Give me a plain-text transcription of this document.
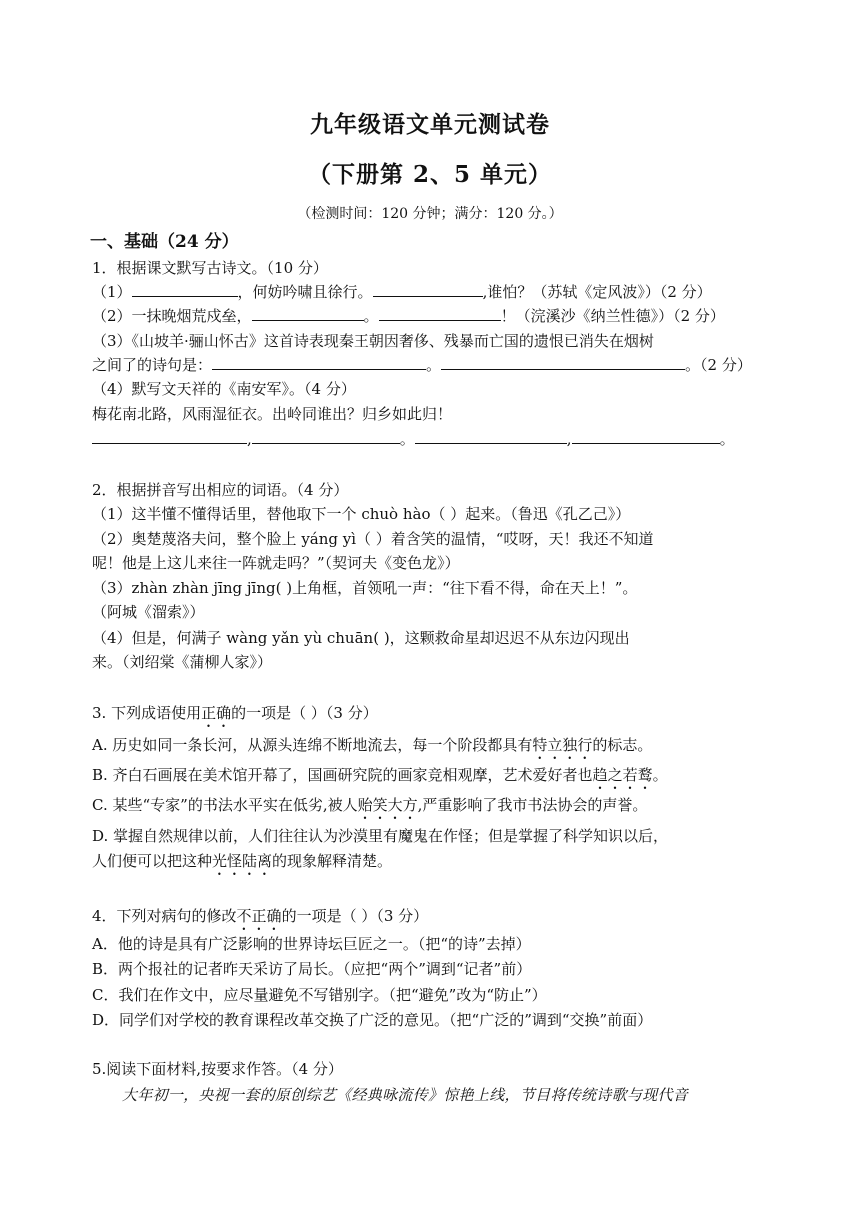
九年级语文单元测试卷
（下册第 2、5 单元）
（检测时间：120 分钟；满分：120 分。）
一、基础（24 分）
1．根据课文默写古诗文。（10 分）
（1）	，何妨吟啸且徐行。	,谁怕？（苏轼《定风波》）（2 分）
（2）一抹晚烟荒戍垒，	。	！（浣溪沙《纳兰性德》）（2 分）
（3）《山坡羊·骊山怀古》这首诗表现秦王朝因奢侈、残暴而亡国的遗恨已消失在烟树
之间了的诗句是：	。	。（2 分）
（4）默写文天祥的《南安军》。（4 分）
梅花南北路，风雨湿征衣。出岭同谁出？归乡如此归！
,	。	,	。
2．根据拼音写出相应的词语。（4 分）
（1）这半懂不懂得话里，替他取下一个 chuò hào（ ）起来。（鲁迅《孔乙己》）
（2）奥楚蔑洛夫问，整个脸上 yáng yì（ ）着含笑的温情，“哎呀，天！我还不知道
呢！他是上这儿来往一阵就走吗？”（契诃夫《变色龙》）
（3）zhàn zhàn jīng jīng( )上角框，首领吼一声：“往下看不得，命在天上！”。
（阿城《溜索》）
（4）但是，何满子 wàng yǎn yù chuān( )，这颗救命星却迟迟不从东边闪现出
来。（刘绍棠《蒲柳人家》）
3. 下列成语使用正确的一项是（ ）（3 分）
A. 历史如同一条长河，从源头连绵不断地流去，每一个阶段都具有特立独行的标志。
B. 齐白石画展在美术馆开幕了，国画研究院的画家竞相观摩，艺术爱好者也趋之若鹜。
C. 某些“专家”的书法水平实在低劣,被人贻笑大方,严重影响了我市书法协会的声誉。
D. 掌握自然规律以前，人们往往认为沙漠里有魔鬼在作怪；但是掌握了科学知识以后，
人们便可以把这种光怪陆离的现象解释清楚。
4．下列对病句的修改不正确的一项是（ ）（3 分）
A．他的诗是具有广泛影响的世界诗坛巨匠之一。（把“的诗”去掉）
B．两个报社的记者昨天采访了局长。（应把“两个”调到“记者”前）
C．我们在作文中，应尽量避免不写错别字。（把“避免”改为“防止”）
D．同学们对学校的教育课程改革交换了广泛的意见。（把“广泛的”调到“交换”前面）
5.阅读下面材料,按要求作答。（4 分）
大年初一，央视一套的原创综艺《经典咏流传》惊艳上线，节目将传统诗歌与现代音
